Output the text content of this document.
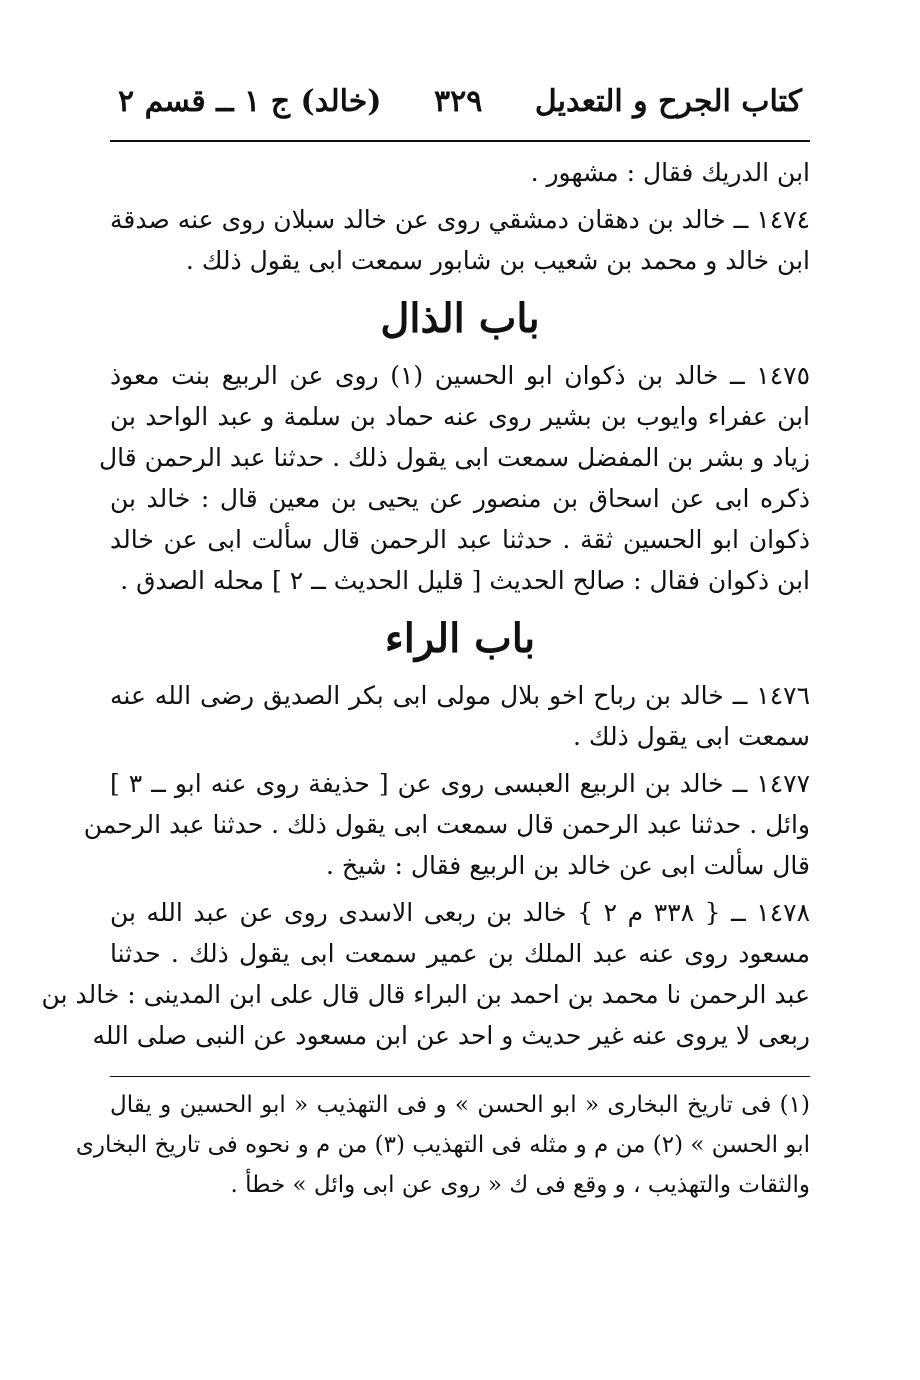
كتاب الجرح و التعديل
٣٢٩
(خالد) ج ١ ــ قسم ٢

ابن الدريك فقال : مشهور .

١٤٧٤ ــ خالد بن دهقان دمشقي روى عن خالد سبلان روى عنه صدقة

ابن خالد و محمد بن شعيب بن شابور سمعت ابى يقول ذلك .

باب الذال

١٤٧٥ ــ خالد بن ذكوان ابو الحسين (١) روى عن الربيع بنت معوذ

ابن عفراء وايوب بن بشير روى عنه حماد بن سلمة و عبد الواحد بن

زياد و بشر بن المفضل سمعت ابى يقول ذلك . حدثنا عبد الرحمن قال

ذكره ابى عن اسحاق بن منصور عن يحيى بن معين قال : خالد بن

ذكوان ابو الحسين ثقة . حدثنا عبد الرحمن قال سألت ابى عن خالد

ابن ذكوان فقال : صالح الحديث [ قليل الحديث ــ ٢ ] محله الصدق .

باب الراء

١٤٧٦ ــ خالد بن رباح اخو بلال مولى ابى بكر الصديق رضى الله عنه

سمعت ابى يقول ذلك .

١٤٧٧ ــ خالد بن الربيع العبسى روى عن [ حذيفة روى عنه ابو ــ ٣ ]

وائل . حدثنا عبد الرحمن قال سمعت ابى يقول ذلك . حدثنا عبد الرحمن

قال سألت ابى عن خالد بن الربيع فقال : شيخ .

١٤٧٨ ــ { ٣٣٨ م ٢ } خالد بن ربعى الاسدى روى عن عبد الله بن

مسعود روى عنه عبد الملك بن عمير سمعت ابى يقول ذلك . حدثنا

عبد الرحمن نا محمد بن احمد بن البراء قال قال على ابن المدينى : خالد بن

ربعى لا يروى عنه غير حديث و احد عن ابن مسعود عن النبى صلى الله

(١) فى تاريخ البخارى « ابو الحسن » و فى التهذيب « ابو الحسين و يقال

ابو الحسن » (٢) من م و مثله فى التهذيب (٣) من م و نحوه فى تاريخ البخارى

والثقات والتهذيب ، و وقع فى ك « روى عن ابى وائل » خطأ .
